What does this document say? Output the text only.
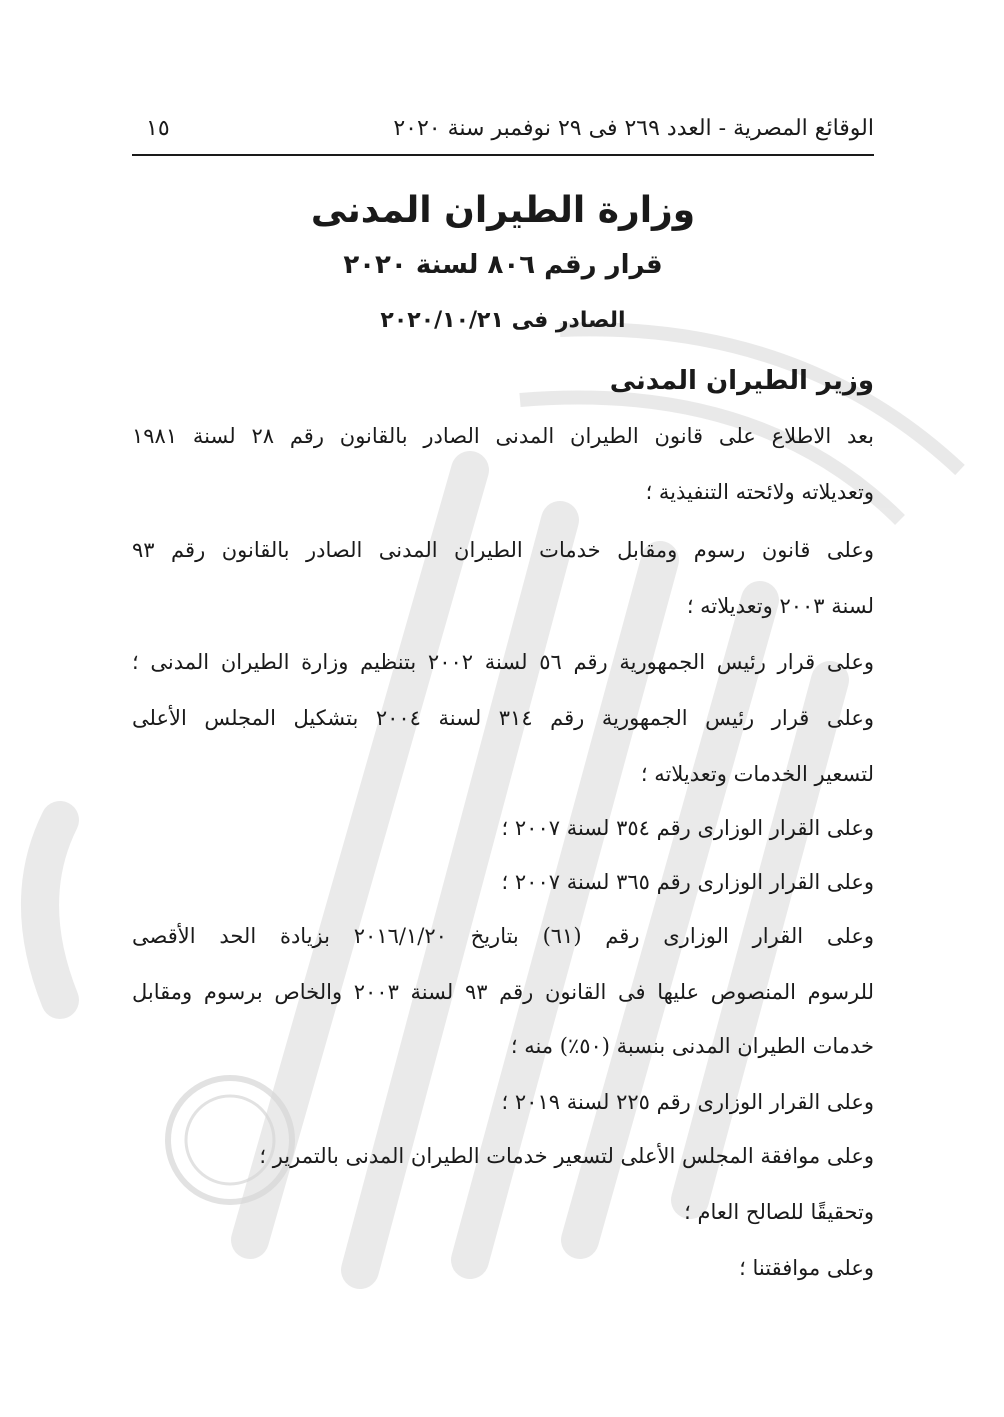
الوقائع المصرية - العدد ٢٦٩ فى ٢٩ نوفمبر سنة ٢٠٢٠
١٥
وزارة الطيران المدنى
قرار رقم ٨٠٦ لسنة ٢٠٢٠
الصادر فى ٢٠٢٠/١٠/٢١
وزير الطيران المدنى
بعد الاطلاع على قانون الطيران المدنى الصادر بالقانون رقم ٢٨ لسنة ١٩٨١
وتعديلاته ولائحته التنفيذية ؛
وعلى قانون رسوم ومقابل خدمات الطيران المدنى الصادر بالقانون رقم ٩٣
لسنة ٢٠٠٣ وتعديلاته ؛
وعلى قرار رئيس الجمهورية رقم ٥٦ لسنة ٢٠٠٢ بتنظيم وزارة الطيران المدنى ؛
وعلى قرار رئيس الجمهورية رقم ٣١٤ لسنة ٢٠٠٤ بتشكيل المجلس الأعلى
لتسعير الخدمات وتعديلاته ؛
وعلى القرار الوزارى رقم ٣٥٤ لسنة ٢٠٠٧ ؛
وعلى القرار الوزارى رقم ٣٦٥ لسنة ٢٠٠٧ ؛
وعلى القرار الوزارى رقم (٦١) بتاريخ ٢٠١٦/١/٢٠ بزيادة الحد الأقصى
للرسوم المنصوص عليها فى القانون رقم ٩٣ لسنة ٢٠٠٣ والخاص برسوم ومقابل
خدمات الطيران المدنى بنسبة (٥٠٪) منه ؛
وعلى القرار الوزارى رقم ٢٢٥ لسنة ٢٠١٩ ؛
وعلى موافقة المجلس الأعلى لتسعير خدمات الطيران المدنى بالتمرير ؛
وتحقيقًا للصالح العام ؛
وعلى موافقتنا ؛
